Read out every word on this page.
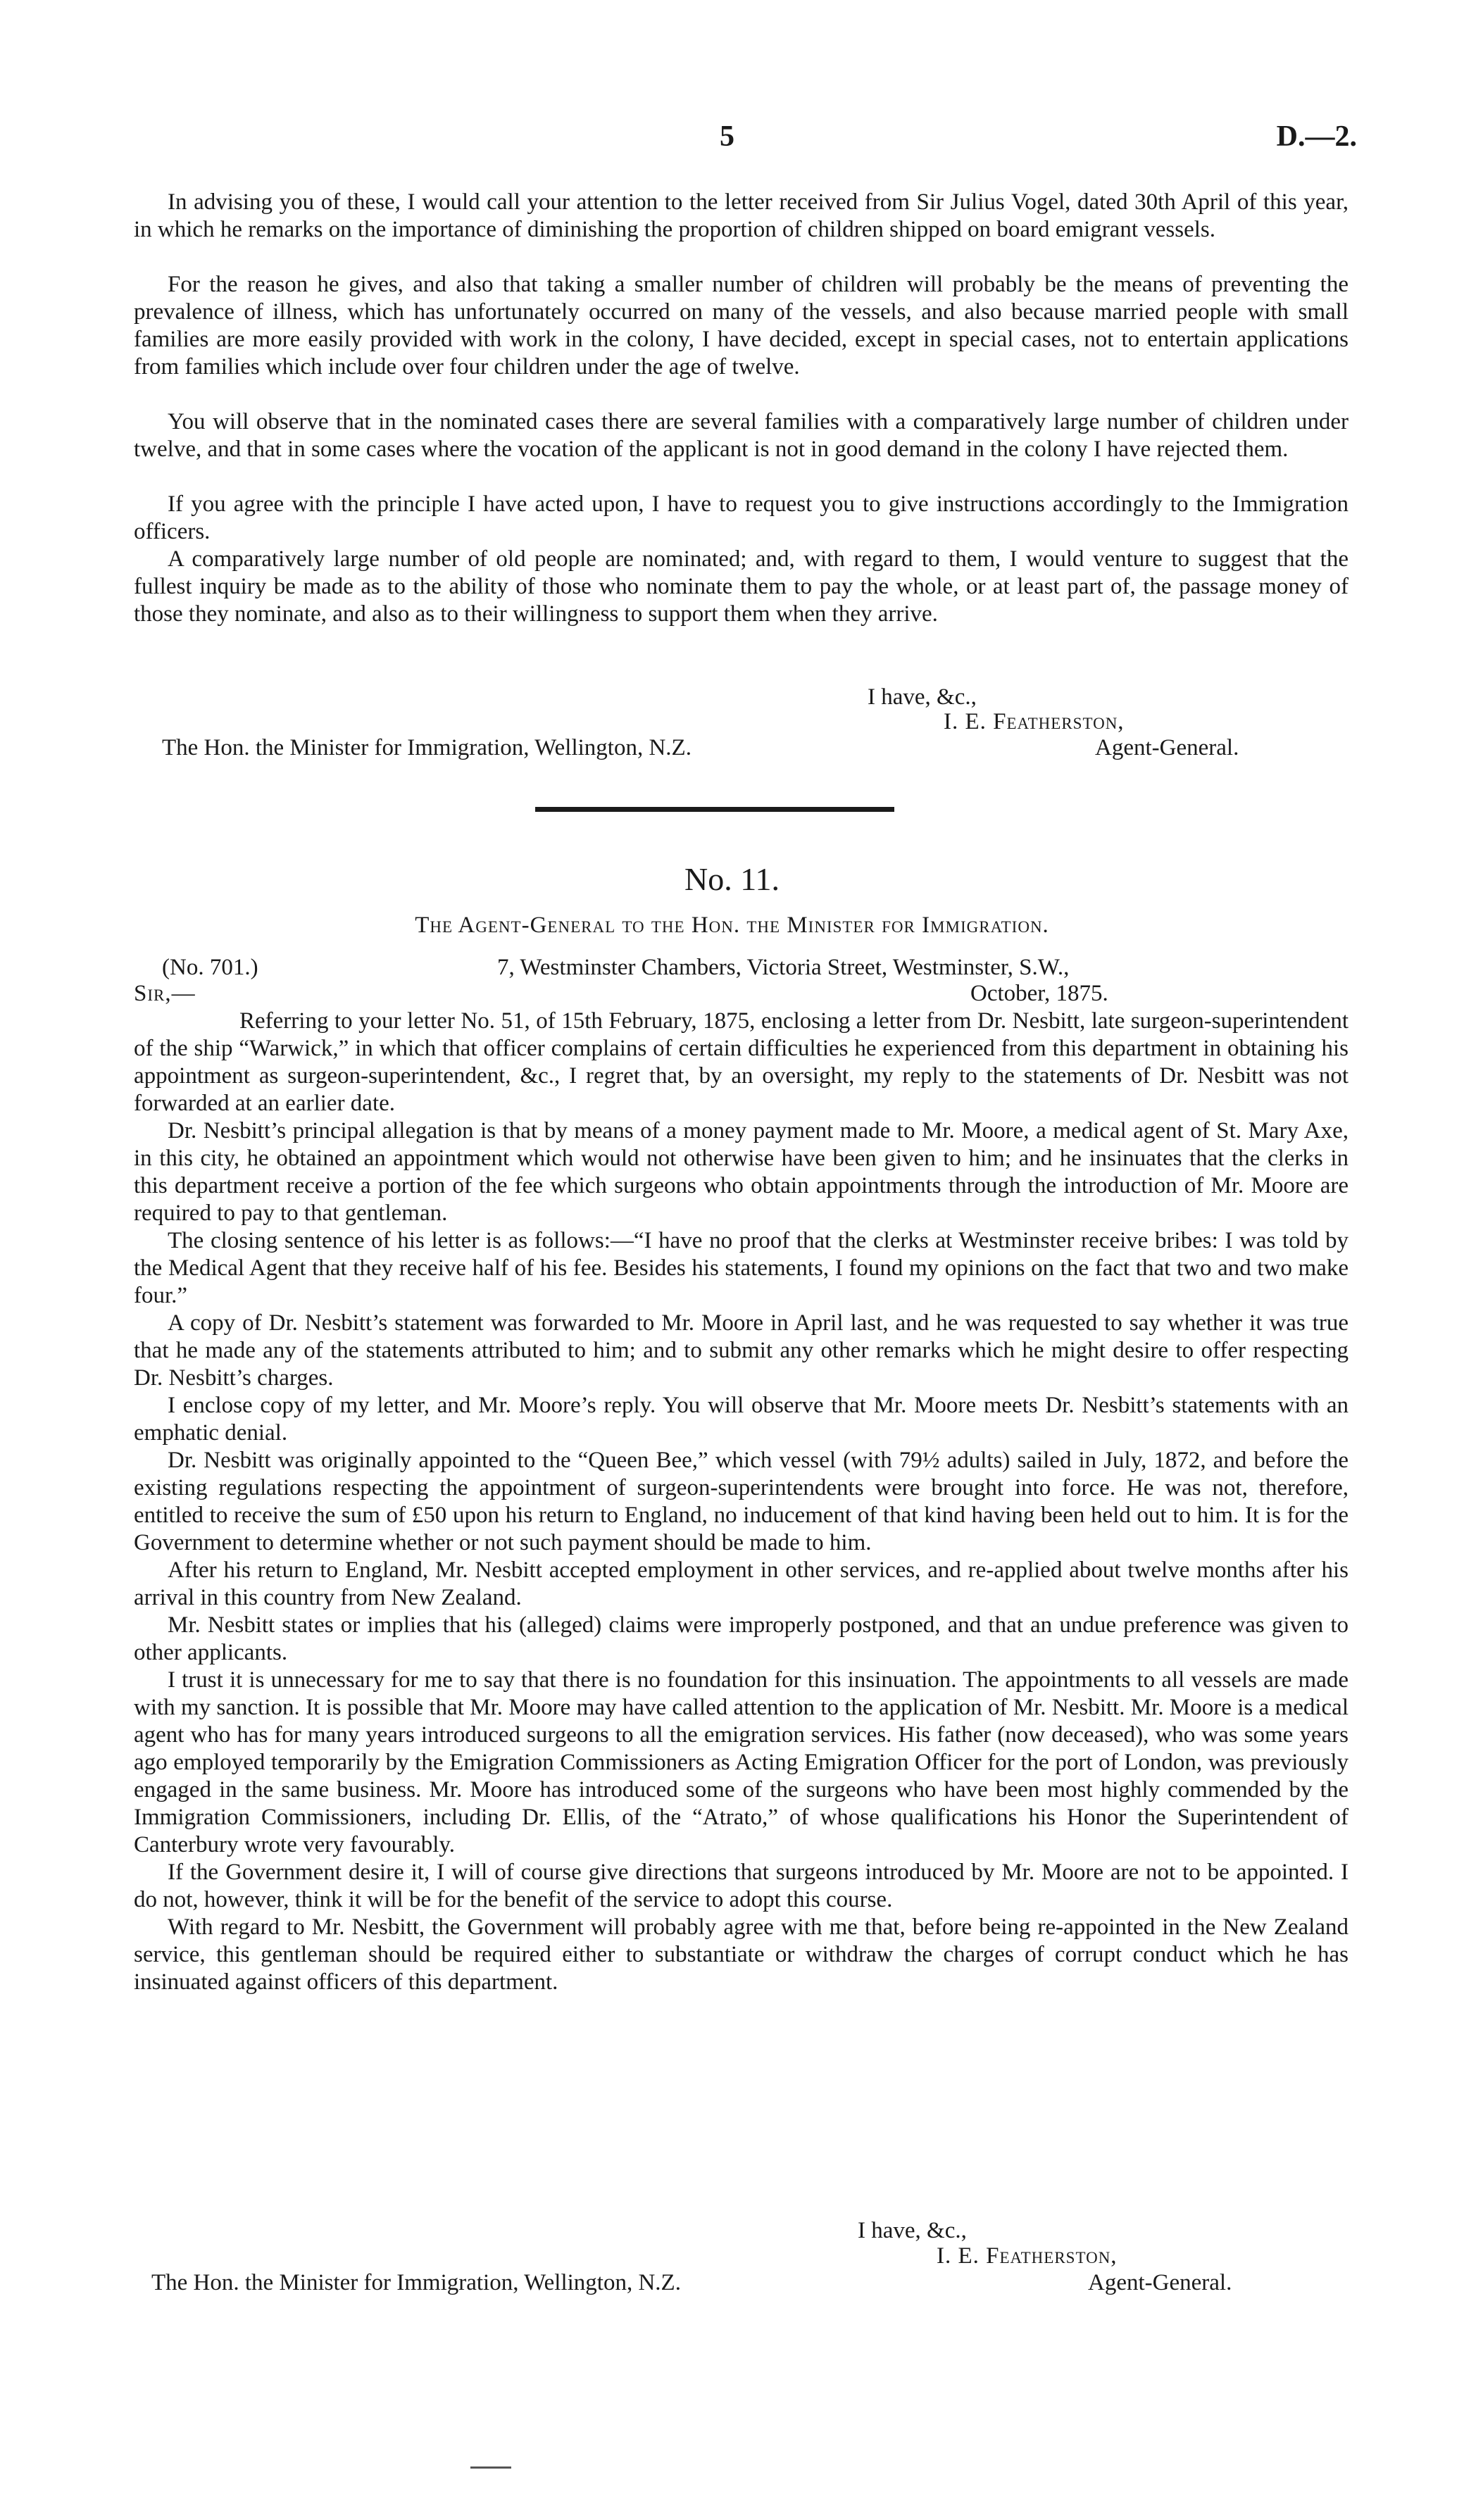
5	D.—2.

In advising you of these, I would call your attention to the letter received from Sir Julius Vogel, dated 30th April of this year, in which he remarks on the importance of diminishing the proportion of children shipped on board emigrant vessels.

For the reason he gives, and also that taking a smaller number of children will probably be the means of preventing the prevalence of illness, which has unfortunately occurred on many of the vessels, and also because married people with small families are more easily provided with work in the colony, I have decided, except in special cases, not to entertain applications from families which include over four children under the age of twelve.

You will observe that in the nominated cases there are several families with a comparatively large number of children under twelve, and that in some cases where the vocation of the applicant is not in good demand in the colony I have rejected them.

If you agree with the principle I have acted upon, I have to request you to give instructions accordingly to the Immigration officers.

A comparatively large number of old people are nominated; and, with regard to them, I would venture to suggest that the fullest inquiry be made as to the ability of those who nominate them to pay the whole, or at least part of, the passage money of those they nominate, and also as to their willingness to support them when they arrive.

I have, &c.,
I. E. Featherston,
The Hon. the Minister for Immigration, Wellington, N.Z.	Agent-General.
No. 11.
The Agent-General to the Hon. the Minister for Immigration.
(No. 701.)	7, Westminster Chambers, Victoria Street, Westminster, S.W.,
Sir,—	October, 1875.

Referring to your letter No. 51, of 15th February, 1875, enclosing a letter from Dr. Nesbitt, late surgeon-superintendent of the ship “Warwick,” in which that officer complains of certain difficulties he experienced from this department in obtaining his appointment as surgeon-superintendent, &c., I regret that, by an oversight, my reply to the statements of Dr. Nesbitt was not forwarded at an earlier date.

Dr. Nesbitt’s principal allegation is that by means of a money payment made to Mr. Moore, a medical agent of St. Mary Axe, in this city, he obtained an appointment which would not otherwise have been given to him; and he insinuates that the clerks in this department receive a portion of the fee which surgeons who obtain appointments through the introduction of Mr. Moore are required to pay to that gentleman.

The closing sentence of his letter is as follows:—“I have no proof that the clerks at Westminster receive bribes: I was told by the Medical Agent that they receive half of his fee. Besides his statements, I found my opinions on the fact that two and two make four.”

A copy of Dr. Nesbitt’s statement was forwarded to Mr. Moore in April last, and he was requested to say whether it was true that he made any of the statements attributed to him; and to submit any other remarks which he might desire to offer respecting Dr. Nesbitt’s charges.

I enclose copy of my letter, and Mr. Moore’s reply. You will observe that Mr. Moore meets Dr. Nesbitt’s statements with an emphatic denial.

Dr. Nesbitt was originally appointed to the “Queen Bee,” which vessel (with 79½ adults) sailed in July, 1872, and before the existing regulations respecting the appointment of surgeon-superintendents were brought into force. He was not, therefore, entitled to receive the sum of £50 upon his return to England, no inducement of that kind having been held out to him. It is for the Government to determine whether or not such payment should be made to him.

After his return to England, Mr. Nesbitt accepted employment in other services, and re-applied about twelve months after his arrival in this country from New Zealand.

Mr. Nesbitt states or implies that his (alleged) claims were improperly postponed, and that an undue preference was given to other applicants.

I trust it is unnecessary for me to say that there is no foundation for this insinuation. The appointments to all vessels are made with my sanction. It is possible that Mr. Moore may have called attention to the application of Mr. Nesbitt. Mr. Moore is a medical agent who has for many years introduced surgeons to all the emigration services. His father (now deceased), who was some years ago employed temporarily by the Emigration Commissioners as Acting Emigration Officer for the port of London, was previously engaged in the same business. Mr. Moore has introduced some of the surgeons who have been most highly commended by the Immigration Commissioners, including Dr. Ellis, of the “Atrato,” of whose qualifications his Honor the Superintendent of Canterbury wrote very favourably.

If the Government desire it, I will of course give directions that surgeons introduced by Mr. Moore are not to be appointed. I do not, however, think it will be for the benefit of the service to adopt this course.

With regard to Mr. Nesbitt, the Government will probably agree with me that, before being re-appointed in the New Zealand service, this gentleman should be required either to substantiate or withdraw the charges of corrupt conduct which he has insinuated against officers of this department.

I have, &c.,
I. E. Featherston,
The Hon. the Minister for Immigration, Wellington, N.Z.	Agent-General.
